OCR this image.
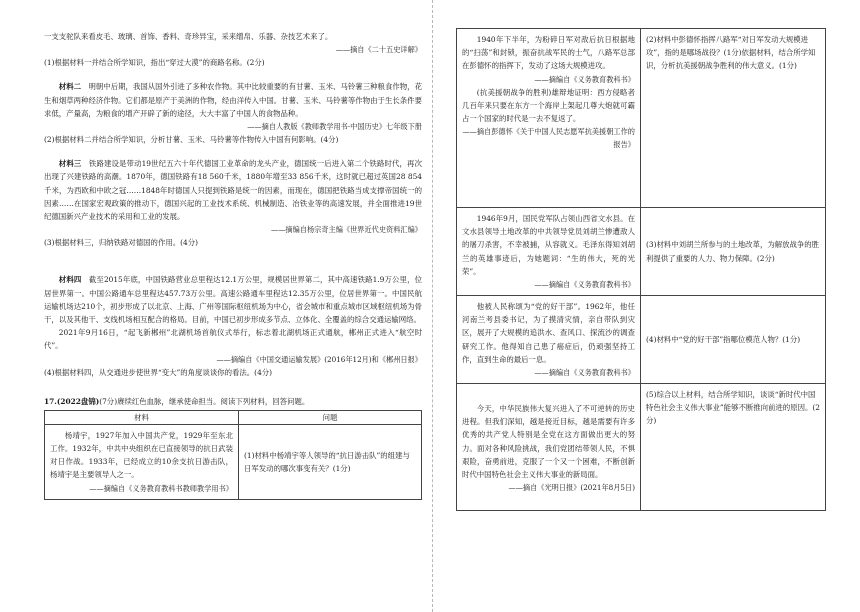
一支支驼队来看皮毛、玻璃、首饰、香料、奇珍异宝，采来缯帛、乐器、杂技艺术来了。

——摘自《二十五史详解》

(1)根据材料一并结合所学知识，指出“穿过大漠”的商路名称。(2分)

材料二　 明朝中后期，我国从国外引进了多种农作物。其中比较重要的有甘薯、玉米、马铃薯三种粮食作物，花生和烟草两种经济作物。它们都是原产于美洲的作物，经由洋传入中国。甘薯、玉米、马铃薯等作物由于生长条件要求低，产量高，为粮食的增产开辟了新的途径，大大丰富了中国人的食物品种。

——摘自人教版《教师教学用书·中国历史》七年级下册

(2)根据材料二并结合所学知识，分析甘薯、玉米、马铃薯等作物传入中国有何影响。(4分)

材料三　 铁路建设是带动19世纪五六十年代德国工业革命的龙头产业，德国统一后进入第二个铁路时代，再次出现了兴建铁路的高潮。1870年，德国铁路有18 560千米，1880年增至33 856千米，这时就已超过英国28 854千米，为西欧和中欧之冠……1848年时德国人只提到铁路是统一的因素，而现在，德国把铁路当成支撑帝国统一的因素……在国家宏观政策的推动下，德国兴起的工业技术系统、机械制造、冶铁业等的高速发展，并全面推进19世纪德国新兴产业技术的采用和工业的发展。

——摘编自杨宗奇主编《世界近代史资料汇编》

(3)根据材料三，归纳铁路对德国的作用。(4分)

材料四　 截至2015年底，中国铁路营业总里程达12.1万公里，规模居世界第二，其中高速铁路1.9万公里，位居世界第一。中国公路通车总里程达457.73万公里。高速公路通车里程达12.35万公里，位居世界第一。中国民航运输机场达210个，初步形成了以北京、上海、广州等国际枢纽机场为中心，省会城市和重点城市区域枢纽机场为骨干，以及其他干、支线机场相互配合的格局。目前，中国已初步形成多节点、立体化、全覆盖的综合交通运输网络。

2021年9月16日，“起飞新郴州”北湖机场首航仪式举行，标志着北湖机场正式通航，郴州正式进入“航空时代”。

——摘编自《中国交通运输发展》(2016年12月)和《郴州日报》

(4)根据材料四，从交通进步使世界“变大”的角度谈谈你的看法。(4分)

17.(2022盘锦)(7分)赓续红色血脉，继承使命担当。阅读下列材料，回答问题。

材料	问题

杨靖宇，1927年加入中国共产党，1929年至东北工作。1932年，中共中央组织在已直接领导的抗日武装对日作战。1933年，已经成立的10余支抗日游击队，杨靖宇是主要领导人之一。

——摘编自《义务教育教科书教师教学用书》	(1)材料中杨靖宇等人领导的“抗日游击队”的组建与日军发动的哪次事变有关？(1分)

1940年下半年，为粉碎日军对敌后抗日根据地的“扫荡”和封锁，振奋抗战军民的士气，八路军总部在彭德怀的指挥下，发动了这场大规模进攻。

——摘编自《义务教育教科书》

(抗美援朝战争的胜利)雄辩地证明：西方侵略者几百年来只要在东方一个海岸上架起几尊大炮就可霸占一个国家的时代是一去不复返了。

——摘自彭德怀《关于中国人民志愿军抗美援朝工作的报告》	(2)材料中彭德怀指挥八路军“对日军发动大规模进攻”，指的是哪场战役？(1分)依据材料，结合所学知识，分析抗美援朝战争胜利的伟大意义。(1分)

1946年9月，国民党军队占领山西省文水县。在文水县领导土地改革的中共领导党员刘胡兰惨遭敌人的屠刀杀害，不幸被捕，从容就义。毛泽东得知刘胡兰的英雄事迹后，为她题词：“生的伟大，死的光荣”。

——摘编自《义务教育教科书》	(3)材料中刘胡兰所参与的土地改革，为解放战争的胜利提供了重要的人力、物力保障。(2分)

他被人民称颂为“党的好干部”。1962年，他任河南兰考县委书记，为了摸清灾情，亲自带队到灾区，展开了大规模的追洪水、查风口、探流沙的调查研究工作。他得知自己患了癌症后，仍顽强坚持工作，直到生命的最后一息。

——摘编自《义务教育教科书》	(4)材料中“党的好干部”指哪位模范人物？(1分)

今天，中华民族伟大复兴进入了不可逆转的历史进程。但我们深知，越是接近目标，越是需要有许多优秀的共产党人特别是全党在这方面做出更大的努力。面对各种风险挑战，我们党团结带领人民，不惧艰险，奋勇前进，克服了一个又一个困难，不断创新时代中国特色社会主义伟大事业的新局面。

——摘自《光明日报》(2021年8月5日)	(5)综合以上材料，结合所学知识，谈谈“新时代中国特色社会主义伟大事业”能够不断推向前进的原因。(2分)
